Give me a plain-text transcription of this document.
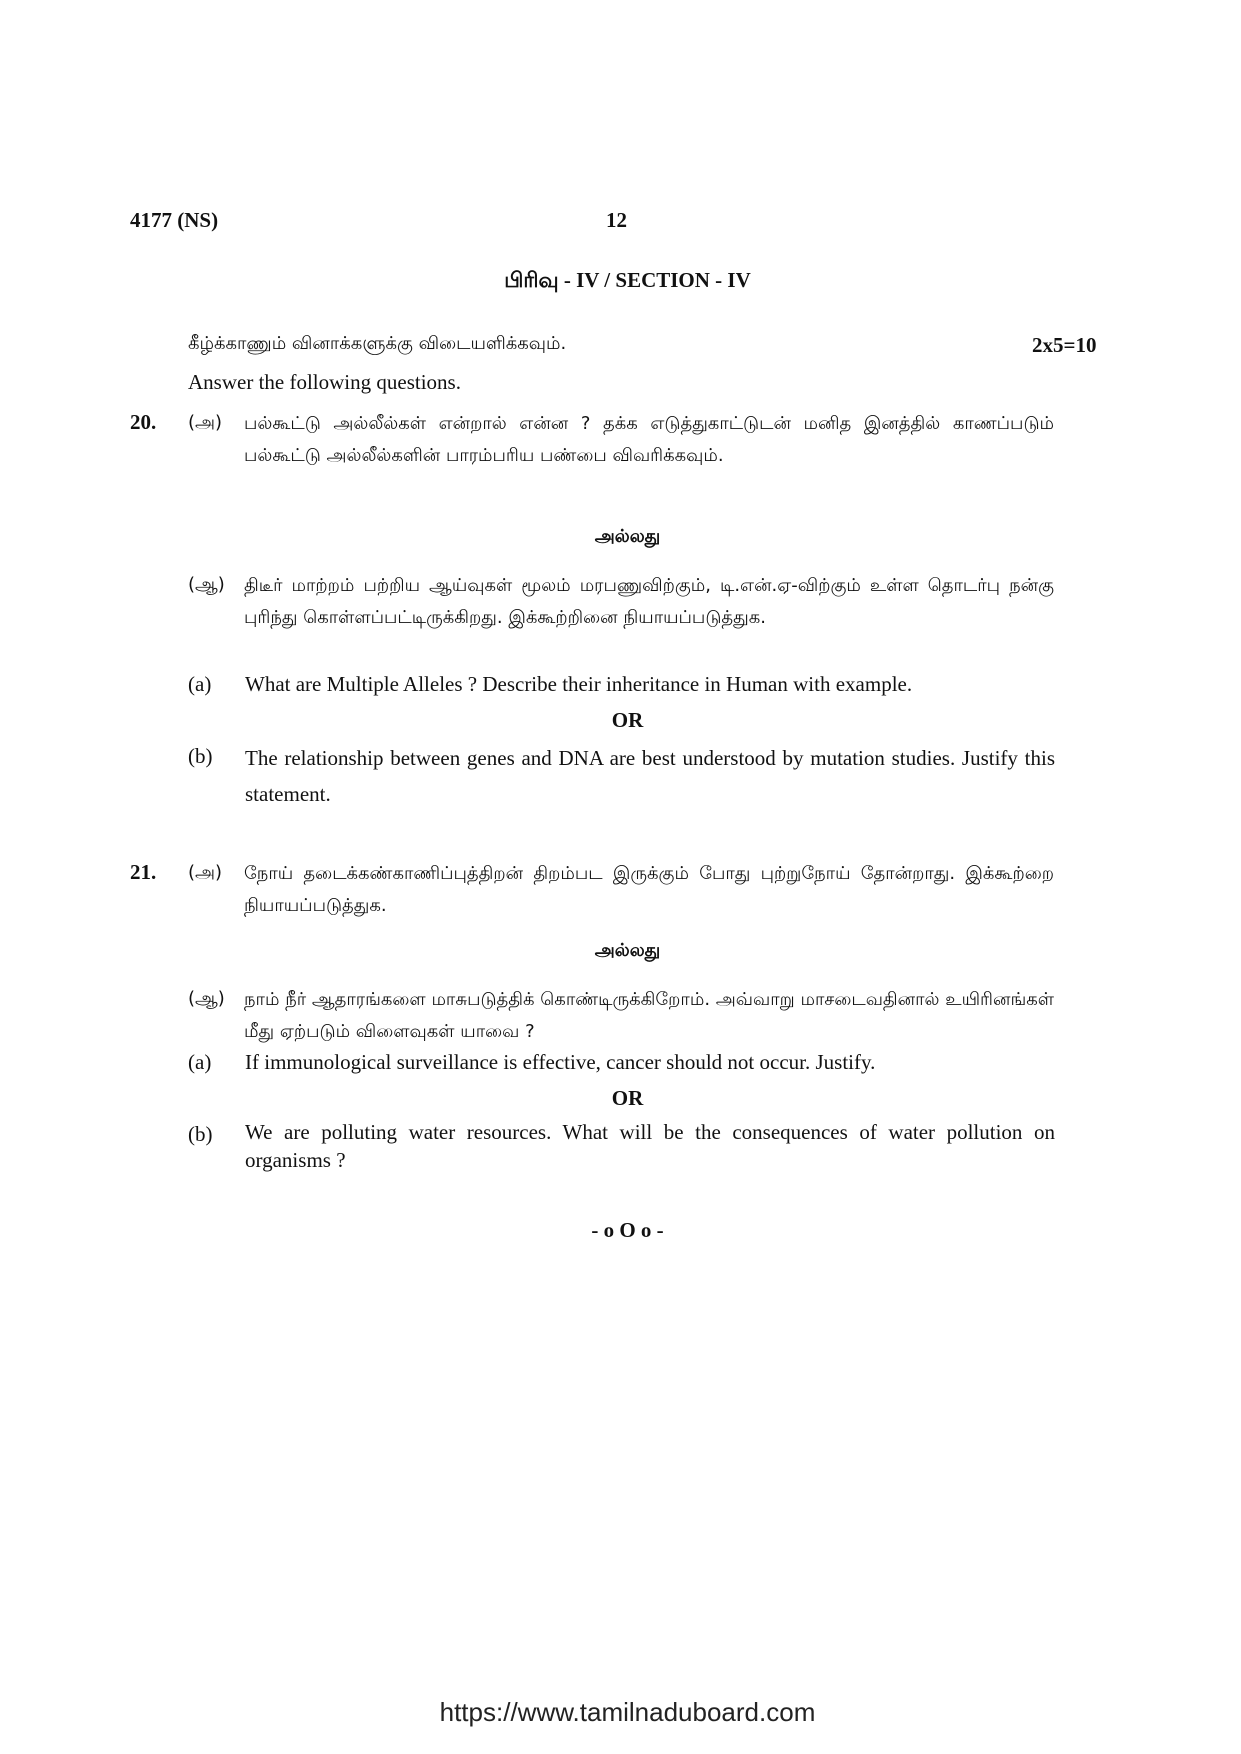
4177 (NS)	12
பிரிவு - IV / SECTION - IV
கீழ்க்காணும் வினாக்களுக்கு விடையளிக்கவும்.	2x5=10
Answer the following questions.
20. (அ) பல்கூட்டு அல்லீல்கள் என்றால் என்ன ? தக்க எடுத்துகாட்டுடன் மனித இனத்தில் காணப்படும் பல்கூட்டு அல்லீல்களின் பாரம்பரிய பண்பை விவரிக்கவும்.
அல்லது
(ஆ) திடீர் மாற்றம் பற்றிய ஆய்வுகள் மூலம் மரபணுவிற்கும், டி.என்.ஏ-விற்கும் உள்ள தொடர்பு நன்கு புரிந்து கொள்ளப்பட்டிருக்கிறது. இக்கூற்றினை நியாயப்படுத்துக.
(a) What are Multiple Alleles ? Describe their inheritance in Human with example.
OR
(b) The relationship between genes and DNA are best understood by mutation studies. Justify this statement.
21. (அ) நோய் தடைக்கண்காணிப்புத்திறன் திறம்பட இருக்கும் போது புற்றுநோய் தோன்றாது. இக்கூற்றை நியாயப்படுத்துக.
அல்லது
(ஆ) நாம் நீர் ஆதாரங்களை மாசுபடுத்திக் கொண்டிருக்கிறோம். அவ்வாறு மாசடைவதினால் உயிரினங்கள் மீது ஏற்படும் விளைவுகள் யாவை ?
(a) If immunological surveillance is effective, cancer should not occur. Justify.
OR
(b) We are polluting water resources. What will be the consequences of water pollution on organisms ?
- o O o -
https://www.tamilnaduboard.com
